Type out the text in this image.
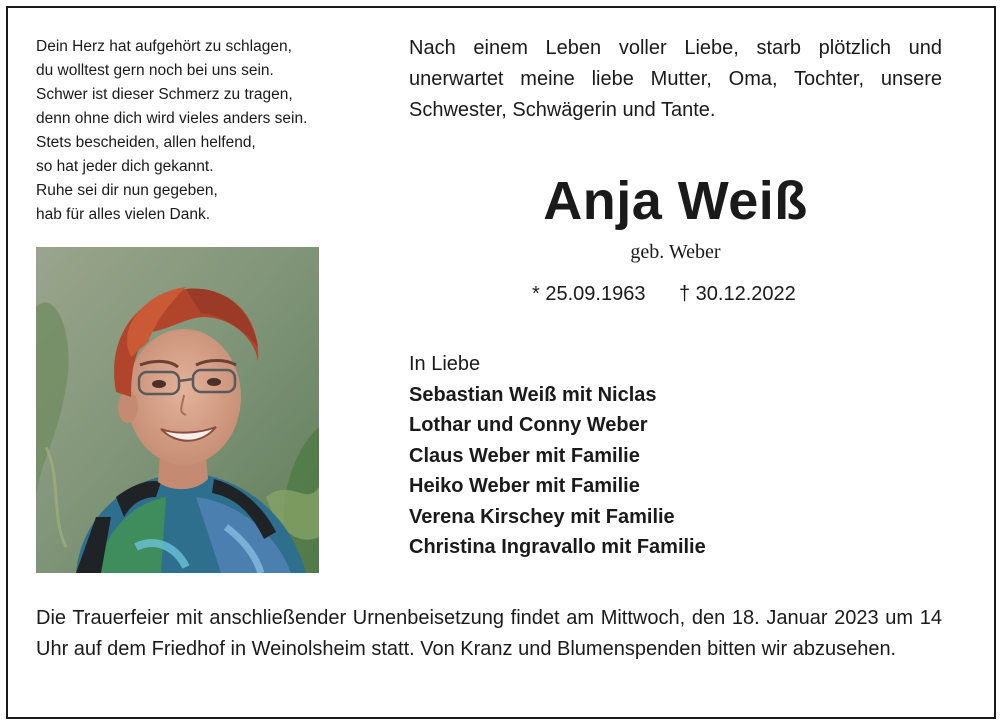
Dein Herz hat aufgehört zu schlagen,
du wolltest gern noch bei uns sein.
Schwer ist dieser Schmerz zu tragen,
denn ohne dich wird vieles anders sein.
Stets bescheiden, allen helfend,
so hat jeder dich gekannt.
Ruhe sei dir nun gegeben,
hab für alles vielen Dank.
Nach einem Leben voller Liebe, starb plötzlich und unerwartet meine liebe Mutter, Oma, Tochter, unsere Schwester, Schwägerin und Tante.
Anja Weiß
geb. Weber
* 25.09.1963 † 30.12.2022
In Liebe
Sebastian Weiß mit Niclas
Lothar und Conny Weber
Claus Weber mit Familie
Heiko Weber mit Familie
Verena Kirschey mit Familie
Christina Ingravallo mit Familie
Die Trauerfeier mit anschließender Urnenbeisetzung findet am Mittwoch, den 18. Januar 2023 um 14 Uhr auf dem Friedhof in Weinolsheim statt. Von Kranz und Blumenspenden bitten wir abzusehen.
